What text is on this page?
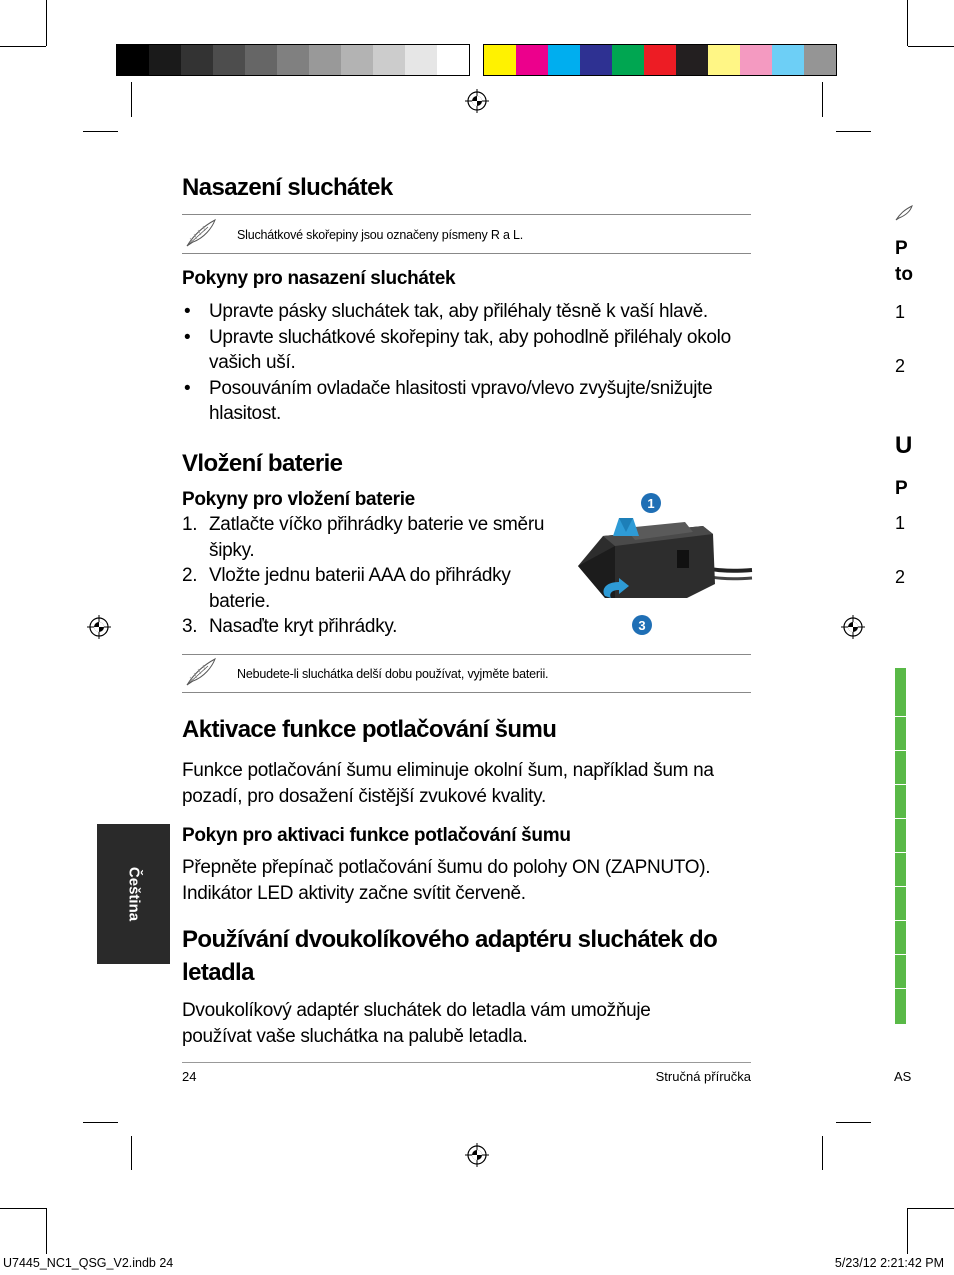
Nasazení sluchátek
Sluchátkové skořepiny jsou označeny písmeny R a L.
Pokyny pro nasazení sluchátek
• Upravte pásky sluchátek tak, aby přiléhaly těsně k vaší hlavě.
• Upravte sluchátkové skořepiny tak, aby pohodlně přiléhaly okolo vašich uší.
• Posouváním ovladače hlasitosti vpravo/vlevo zvyšujte/snižujte hlasitost.
Vložení baterie
Pokyny pro vložení baterie
1. Zatlačte víčko přihrádky baterie ve směru šipky.
2. Vložte jednu baterii AAA do přihrádky baterie.
3. Nasaďte kryt přihrádky.
1
3
Nebudete-li sluchátka delší dobu používat, vyjměte baterii.
Aktivace funkce potlačování šumu
Funkce potlačování šumu eliminuje okolní šum, například šum na pozadí, pro dosažení čistější zvukové kvality.
Pokyn pro aktivaci funkce potlačování šumu
Přepněte přepínač potlačování šumu do polohy ON (ZAPNUTO). Indikátor LED aktivity začne svítit červeně.
Používání dvoukolíkového adaptéru sluchátek do letadla
Dvoukolíkový adaptér sluchátek do letadla vám umožňuje používat vaše sluchátka na palubě letadla.
Čeština
24	Stručná příručka
U7445_NC1_QSG_V2.indb 24	5/23/12 2:21:42 PM
P
to
1
2
U
P
1
2
AS
